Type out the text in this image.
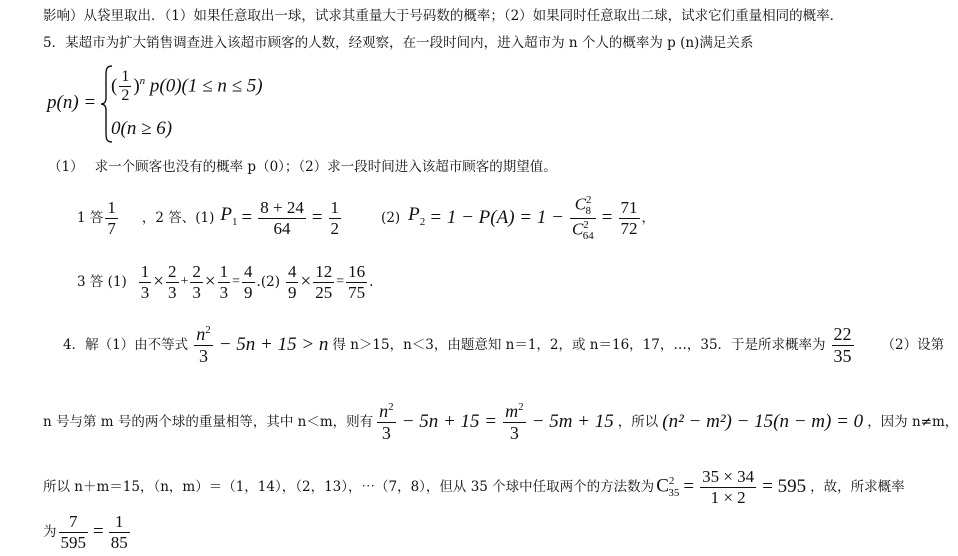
影响）从袋里取出．（1）如果任意取出一球，试求其重量大于号码数的概率；（2）如果同时任意取出二球，试求它们重量相同的概率．
5．某超市为扩大销售调查进入该超市顾客的人数，经观察，在一段时间内，进入超市为 n 个人的概率为 p (n)满足关系
p(n) =
( $\frac{1}{2} )^n$ p(0)(1 ≤ n ≤ 5)
0(n ≥ 6)
（1）　 求一个顾客也没有的概率 p（0）；（2）求一段时间进入该超市顾客的期望值。
1 答 $\frac{1}{7}$ ，2 答、(1) $P_1 = \frac{8 + 24}{64} = \frac{1}{2}$	(2) $P_2 = 1 - P(A) = 1 - \frac{C^2_8}{C^2_{64}} = \frac{71}{72}$ ，
3 答 $(1) \frac{1}{3} \times \frac{2}{3} + \frac{2}{3} \times \frac{1}{3} = \frac{4}{9} .(2) \frac{4}{9} \times \frac{12}{25} = \frac{16}{75}$ .
4．解（1）由不等式 $\frac{n^2}{3} - 5n + 15 > n$ 得 n＞15，n＜3，由题意知 n＝1，2，或 n＝16，17，…，35．于是所求概率为 $\frac{22}{35} (2)$设第
n 号与第 m 号的两个球的重量相等，其中 n＜m，则有 $\frac{n^2}{3} - 5n + 15 = \frac{m^2}{3} - 5m + 15$ ，所以 (n² − m²) − 15(n − m) = 0 ，因为 n≠m，
所以 n＋m＝15，（n，m）＝（1，14），（2，13），⋯（7，8），但从 35 个球中任取两个的方法数为 $C^2_{35} = \frac{35 \times 34}{1 \times 2} = 595$ ，故，所求概率
为 $\frac{7}{595} = \frac{1}{85}$
